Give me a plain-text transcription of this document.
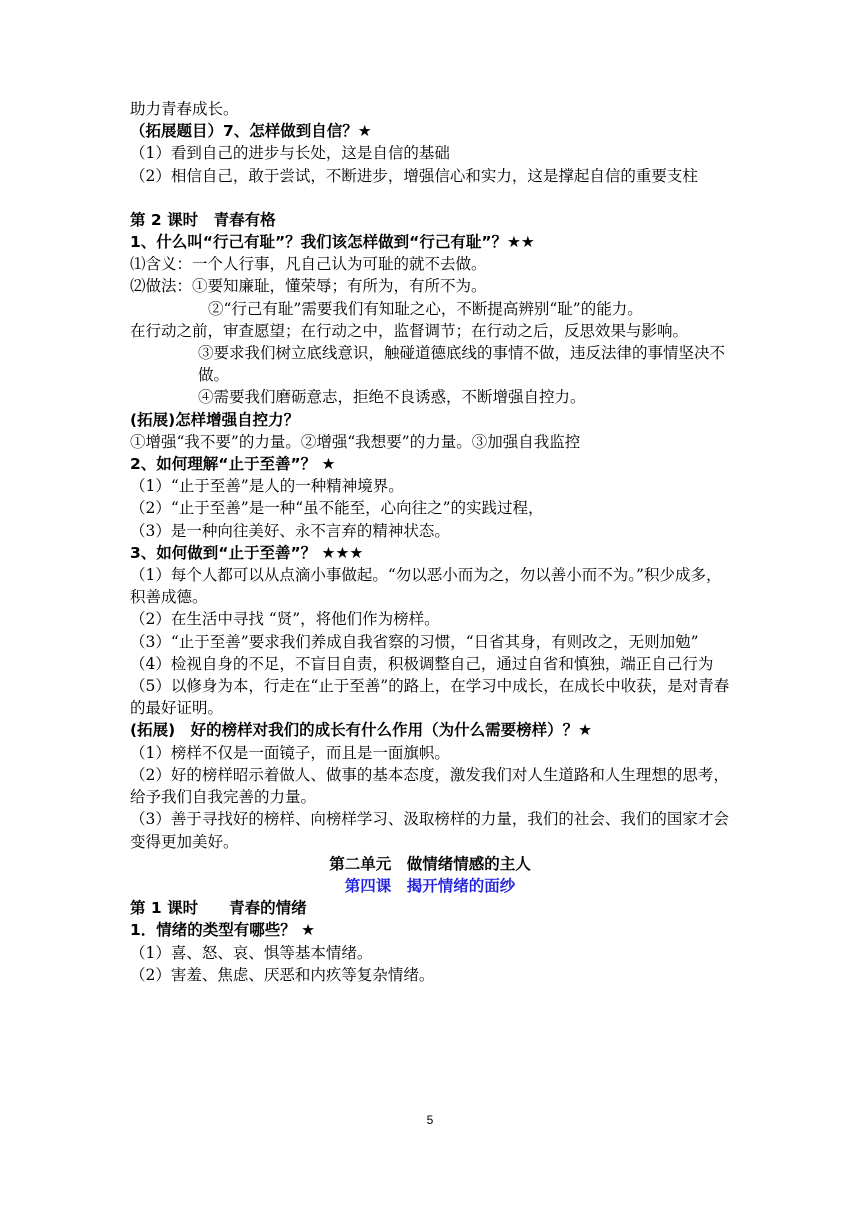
助力青春成长。
（拓展题目）7、怎样做到自信？★
（1）看到自己的进步与长处，这是自信的基础
（2）相信自己，敢于尝试，不断进步，增强信心和实力，这是撑起自信的重要支柱
第 2 课时　青春有格
1、什么叫“行己有耻”？我们该怎样做到“行己有耻”？★★
⑴含义：一个人行事，凡自己认为可耻的就不去做。
⑵做法：①要知廉耻，懂荣辱；有所为，有所不为。
②“行己有耻”需要我们有知耻之心，不断提高辨别“耻”的能力。
在行动之前，审查愿望；在行动之中，监督调节；在行动之后，反思效果与影响。
③要求我们树立底线意识，触碰道德底线的事情不做，违反法律的事情坚决不做。
④需要我们磨砺意志，拒绝不良诱惑，不断增强自控力。
(拓展)怎样增强自控力？
①增强“我不要”的力量。②增强“我想要”的力量。③加强自我监控
2、如何理解“止于至善”？ ★
（1）“止于至善”是人的一种精神境界。
（2）“止于至善”是一种“虽不能至，心向往之”的实践过程，
（3）是一种向往美好、永不言弃的精神状态。
3、如何做到“止于至善”？ ★★★
（1）每个人都可以从点滴小事做起。“勿以恶小而为之，勿以善小而不为。”积少成多，积善成德。
（2）在生活中寻找 “贤”，将他们作为榜样。
（3）“止于至善”要求我们养成自我省察的习惯，“日省其身，有则改之，无则加勉”
（4）检视自身的不足，不盲目自责，积极调整自己，通过自省和慎独，端正自己行为
（5）以修身为本，行走在“止于至善”的路上，在学习中成长，在成长中收获，是对青春的最好证明。
(拓展)　好的榜样对我们的成长有什么作用（为什么需要榜样）？★
（1）榜样不仅是一面镜子，而且是一面旗帜。
（2）好的榜样昭示着做人、做事的基本态度，激发我们对人生道路和人生理想的思考，给予我们自我完善的力量。
（3）善于寻找好的榜样、向榜样学习、汲取榜样的力量，我们的社会、我们的国家才会变得更加美好。
第二单元　做情绪情感的主人
第四课　揭开情绪的面纱
第 1 课时　　青春的情绪
1．情绪的类型有哪些？ ★
（1）喜、怒、哀、惧等基本情绪。
（2）害羞、焦虑、厌恶和内疚等复杂情绪。
5
